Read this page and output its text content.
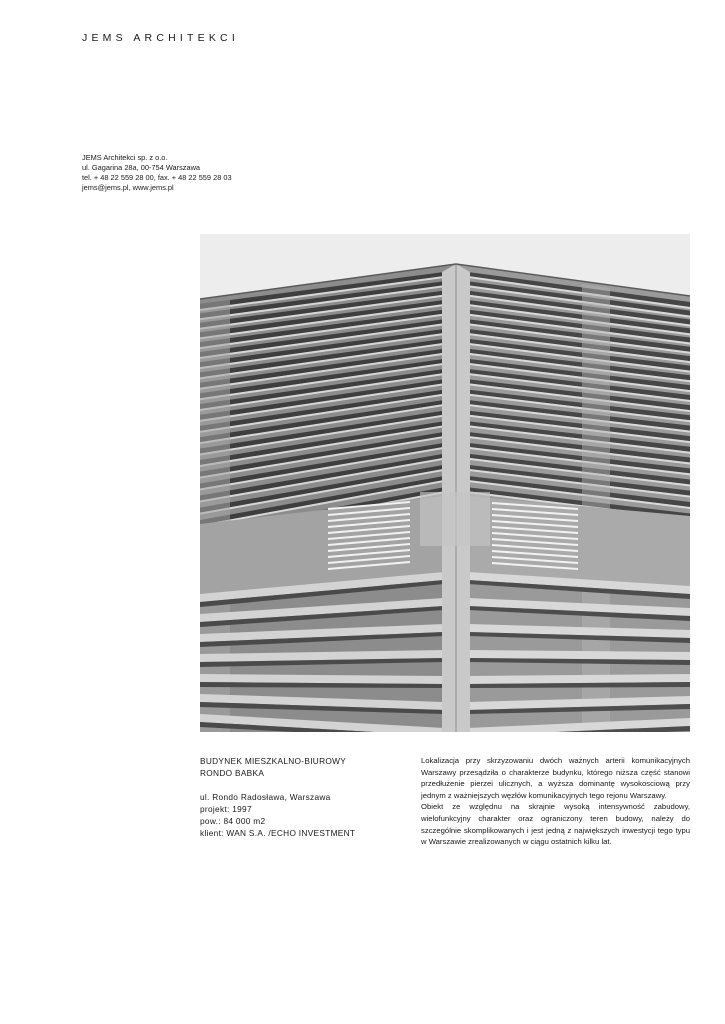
JEMS ARCHITEKCI
JEMS Architekci sp. z o.o.
ul. Gagarina 28a, 00-754 Warszawa
tel. + 48 22 559 28 00, fax. + 48 22 559 28 03
jems@jems.pl, www.jems.pl
BUDYNEK MIESZKALNO-BIUROWY
RONDO BABKA
ul. Rondo Radosława, Warszawa
projekt: 1997
pow.: 84 000 m2
klient: WAN S.A. /ECHO INVESTMENT

Lokalizacja przy skrzyzowaniu dwóch ważnych arterii komunikacyjnych Warszawy przesądziła o charakterze budynku, którego niższa część stanowi przedłużenie pierzei ulicznych, a wyższa dominantę wysokosciową przy jednym z ważniejszych węzłów komunikacyjnych tego rejonu Warszawy.

Obiekt ze względnu na skrajnie wysoką intensywność zabudowy, wielofunkcyjny charakter oraz ograniczony teren budowy, należy do szczególnie skomplikowanych i jest jedną z największych inwestycji tego typu w Warszawie zrealizowanych w ciągu ostatnich kilku lat.
